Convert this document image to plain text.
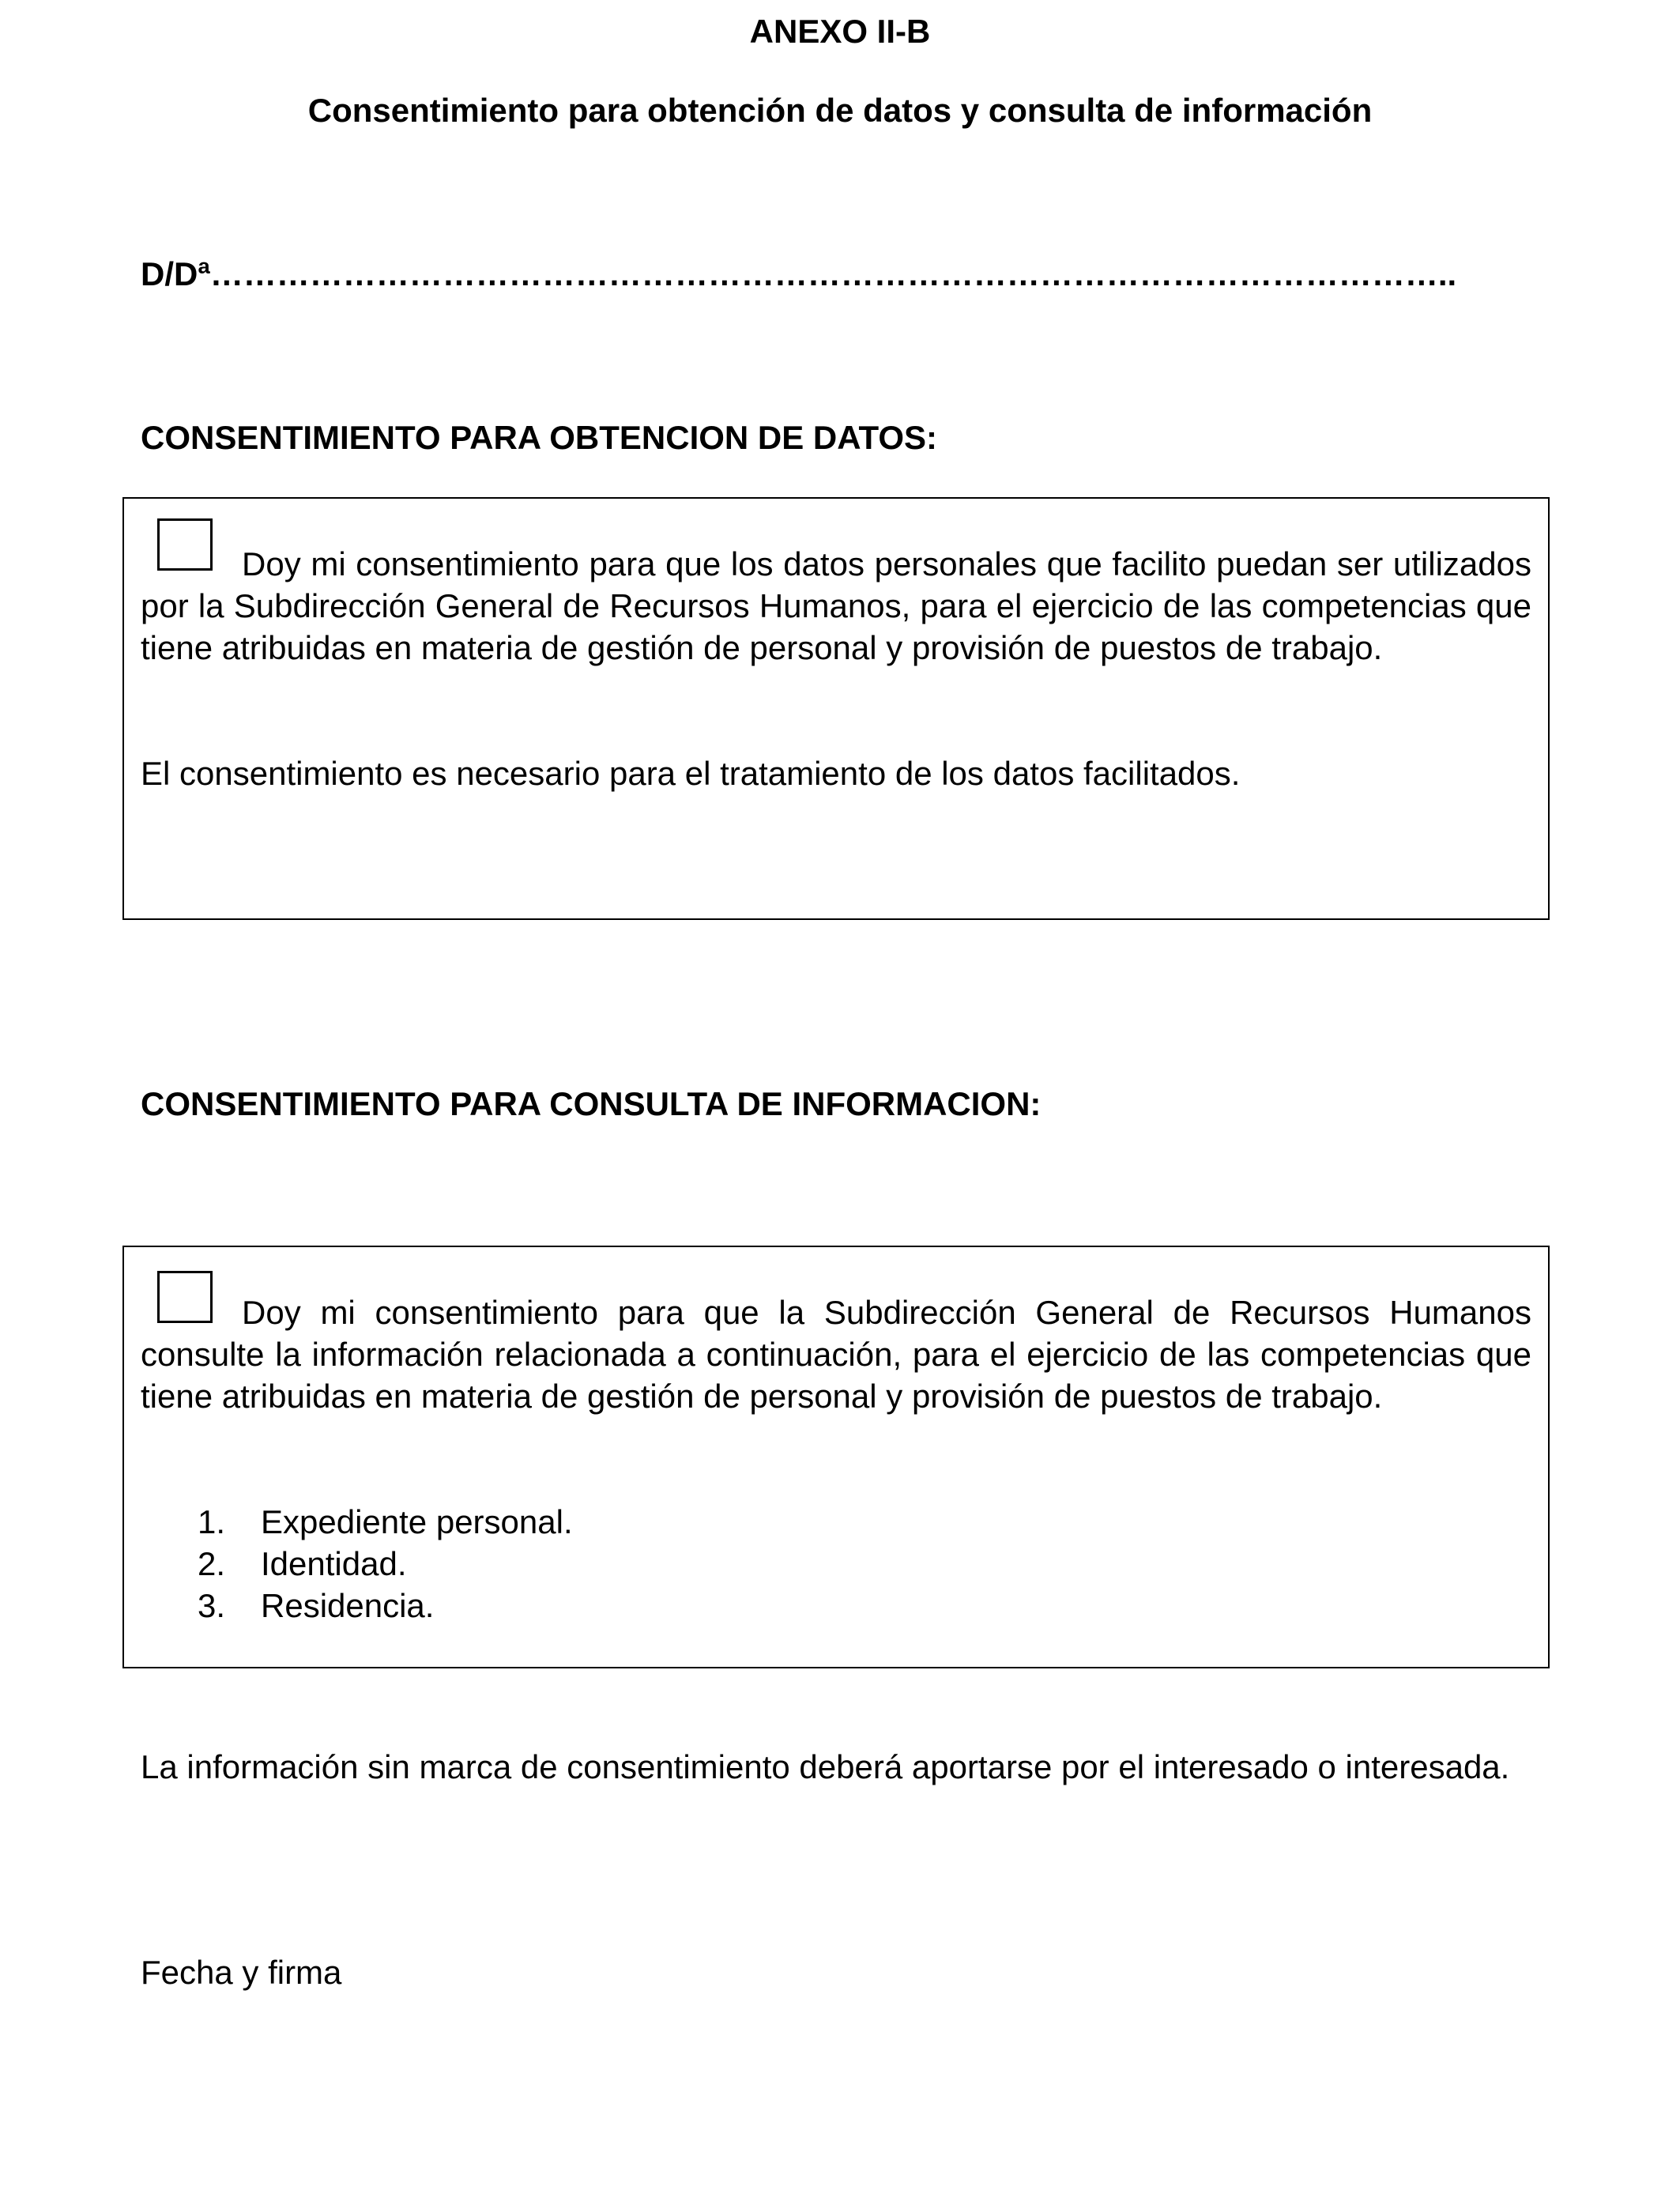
ANEXO II-B
Consentimiento para obtención de datos y consulta de información
D/Dª…………………………………………………………………………………………………..
CONSENTIMIENTO PARA OBTENCION DE DATOS:
Doy mi consentimiento para que los datos personales que facilito puedan ser utilizados por la Subdirección General de Recursos Humanos, para el ejercicio de las competencias que tiene atribuidas en materia de gestión de personal y provisión de puestos de trabajo.
El consentimiento es necesario para el tratamiento de los datos facilitados.
CONSENTIMIENTO PARA CONSULTA DE INFORMACION:
Doy mi consentimiento para que la Subdirección General de Recursos Humanos consulte la información relacionada a continuación, para el ejercicio de las competencias que tiene atribuidas en materia de gestión de personal y provisión de puestos de trabajo.
1. Expediente personal.
2. Identidad.
3. Residencia.
La información sin marca de consentimiento deberá aportarse por el interesado o interesada.
Fecha y firma
